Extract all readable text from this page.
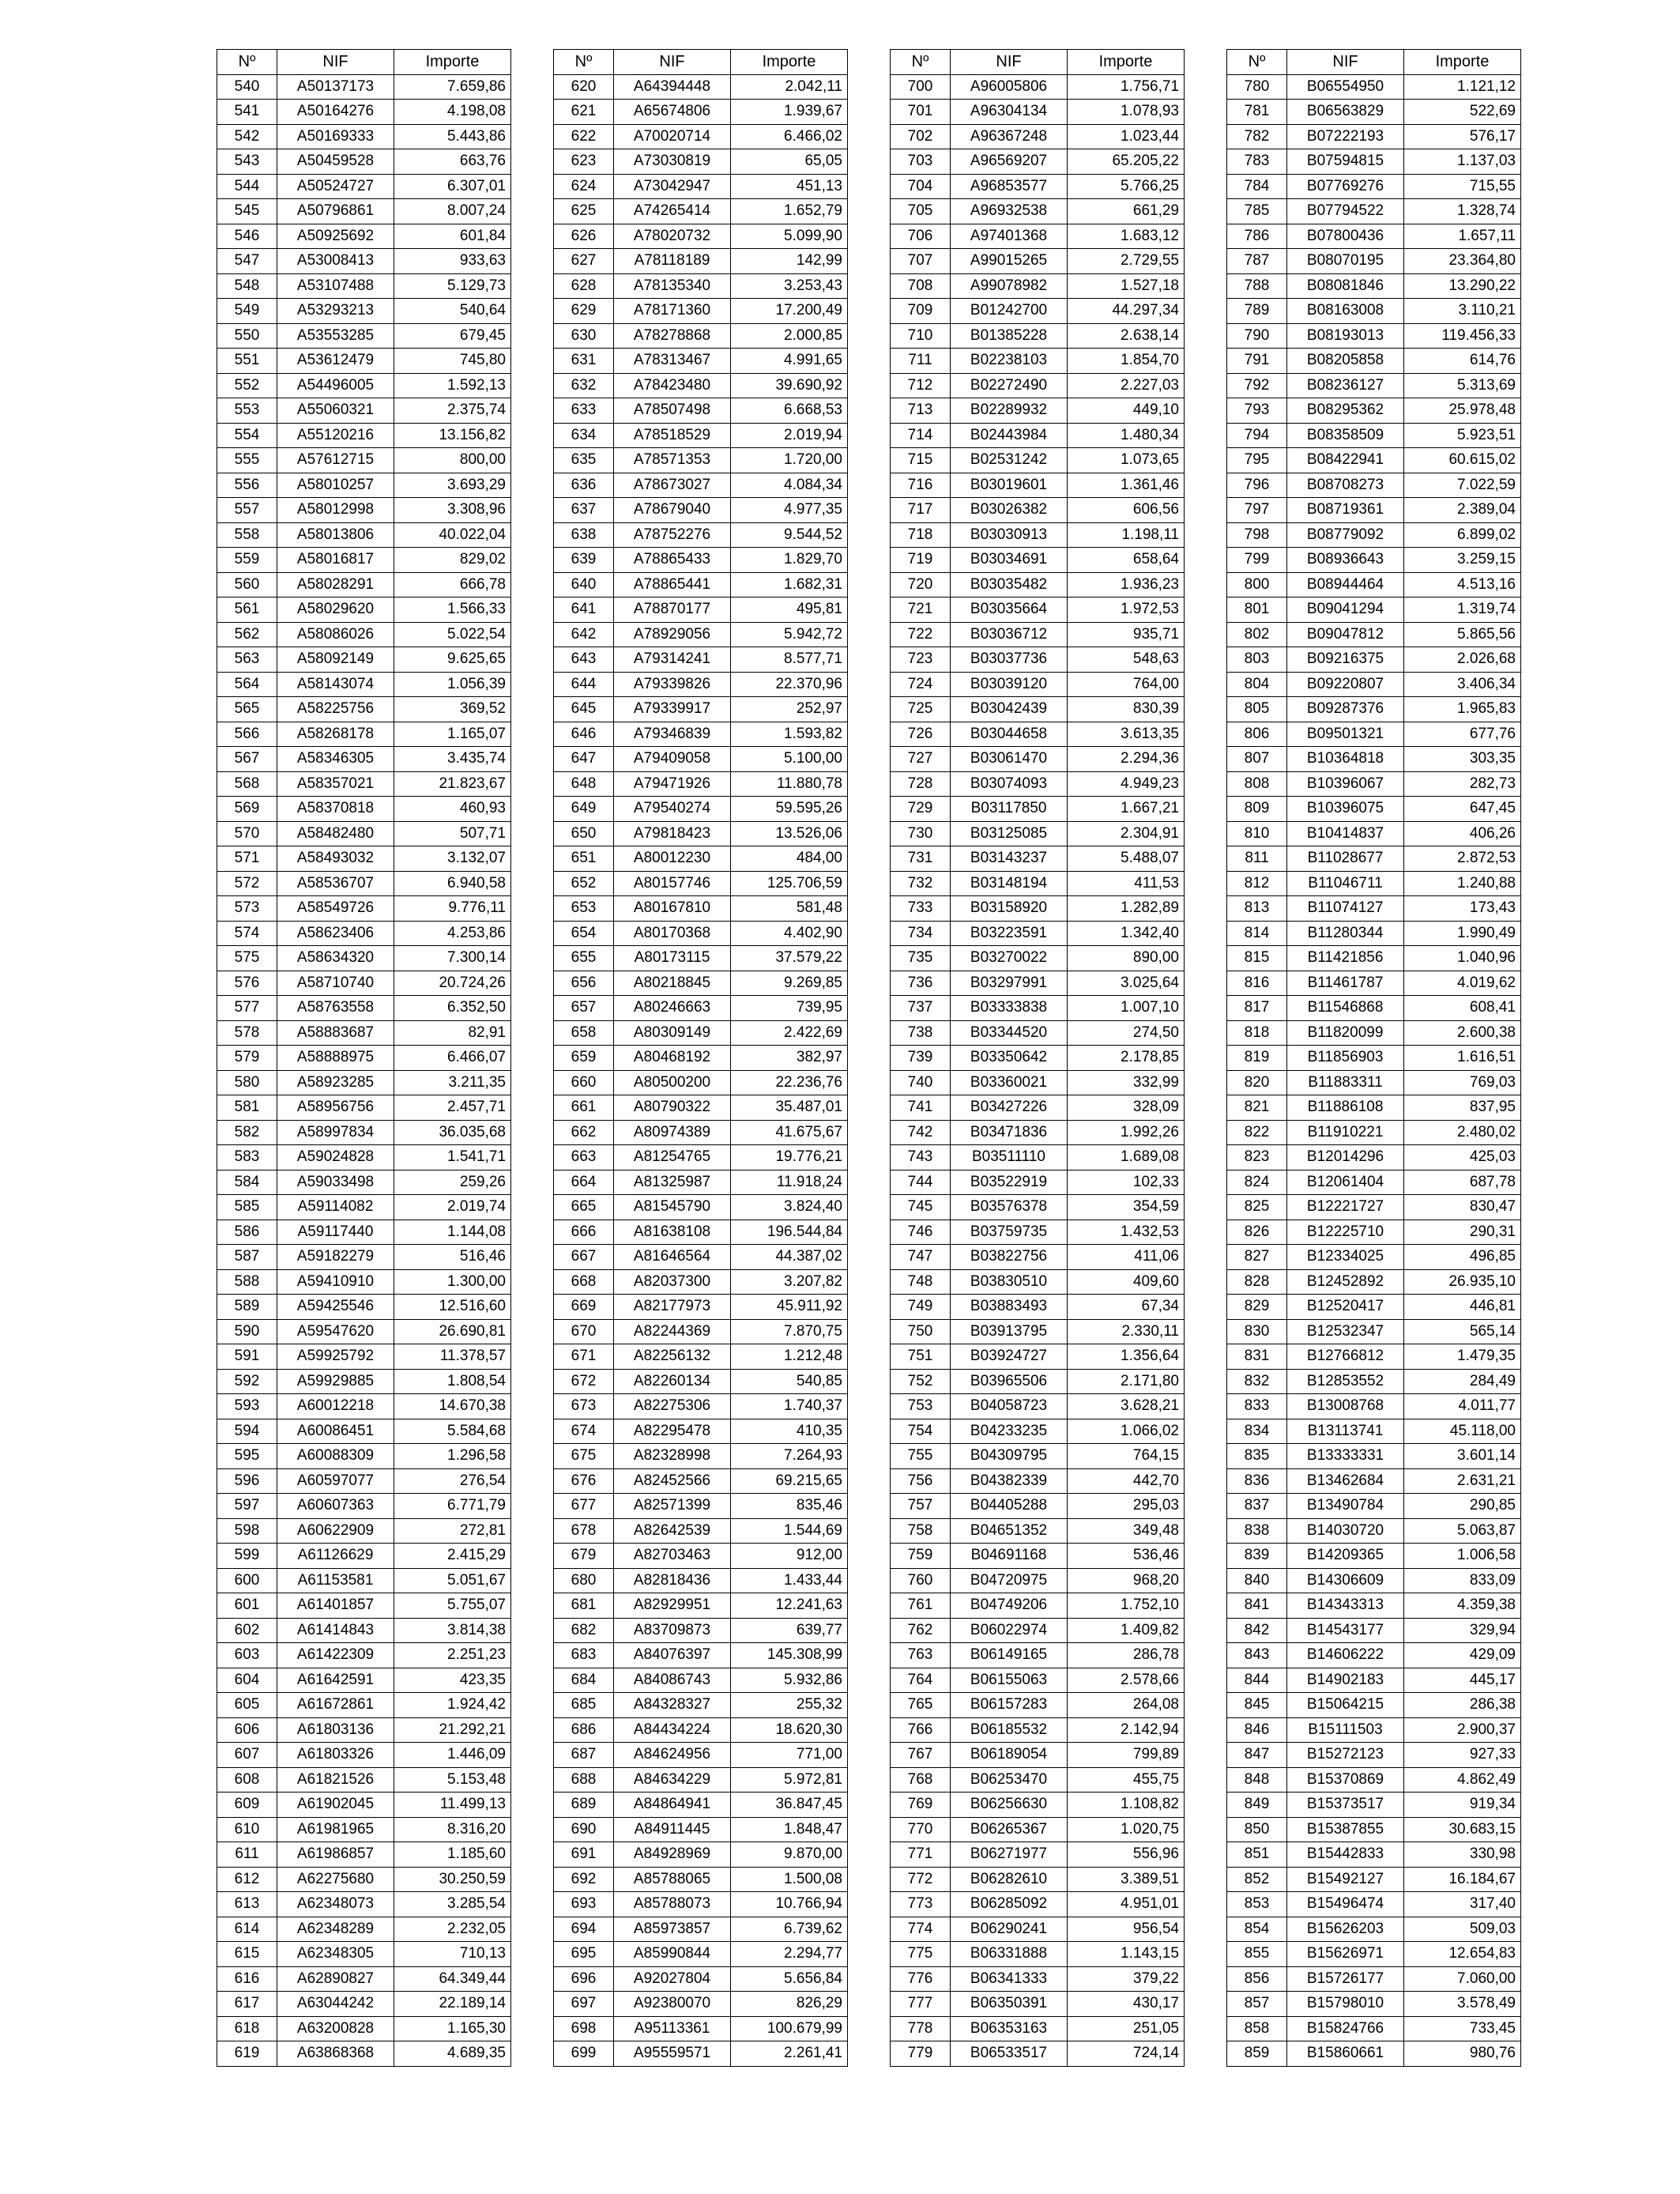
Nº	NIF	Importe
540	A50137173	7.659,86
541	A50164276	4.198,08
542	A50169333	5.443,86
543	A50459528	663,76
544	A50524727	6.307,01
545	A50796861	8.007,24
546	A50925692	601,84
547	A53008413	933,63
548	A53107488	5.129,73
549	A53293213	540,64
550	A53553285	679,45
551	A53612479	745,80
552	A54496005	1.592,13
553	A55060321	2.375,74
554	A55120216	13.156,82
555	A57612715	800,00
556	A58010257	3.693,29
557	A58012998	3.308,96
558	A58013806	40.022,04
559	A58016817	829,02
560	A58028291	666,78
561	A58029620	1.566,33
562	A58086026	5.022,54
563	A58092149	9.625,65
564	A58143074	1.056,39
565	A58225756	369,52
566	A58268178	1.165,07
567	A58346305	3.435,74
568	A58357021	21.823,67
569	A58370818	460,93
570	A58482480	507,71
571	A58493032	3.132,07
572	A58536707	6.940,58
573	A58549726	9.776,11
574	A58623406	4.253,86
575	A58634320	7.300,14
576	A58710740	20.724,26
577	A58763558	6.352,50
578	A58883687	82,91
579	A58888975	6.466,07
580	A58923285	3.211,35
581	A58956756	2.457,71
582	A58997834	36.035,68
583	A59024828	1.541,71
584	A59033498	259,26
585	A59114082	2.019,74
586	A59117440	1.144,08
587	A59182279	516,46
588	A59410910	1.300,00
589	A59425546	12.516,60
590	A59547620	26.690,81
591	A59925792	11.378,57
592	A59929885	1.808,54
593	A60012218	14.670,38
594	A60086451	5.584,68
595	A60088309	1.296,58
596	A60597077	276,54
597	A60607363	6.771,79
598	A60622909	272,81
599	A61126629	2.415,29
600	A61153581	5.051,67
601	A61401857	5.755,07
602	A61414843	3.814,38
603	A61422309	2.251,23
604	A61642591	423,35
605	A61672861	1.924,42
606	A61803136	21.292,21
607	A61803326	1.446,09
608	A61821526	5.153,48
609	A61902045	11.499,13
610	A61981965	8.316,20
611	A61986857	1.185,60
612	A62275680	30.250,59
613	A62348073	3.285,54
614	A62348289	2.232,05
615	A62348305	710,13
616	A62890827	64.349,44
617	A63044242	22.189,14
618	A63200828	1.165,30
619	A63868368	4.689,35
Nº	NIF	Importe
620	A64394448	2.042,11
621	A65674806	1.939,67
622	A70020714	6.466,02
623	A73030819	65,05
624	A73042947	451,13
625	A74265414	1.652,79
626	A78020732	5.099,90
627	A78118189	142,99
628	A78135340	3.253,43
629	A78171360	17.200,49
630	A78278868	2.000,85
631	A78313467	4.991,65
632	A78423480	39.690,92
633	A78507498	6.668,53
634	A78518529	2.019,94
635	A78571353	1.720,00
636	A78673027	4.084,34
637	A78679040	4.977,35
638	A78752276	9.544,52
639	A78865433	1.829,70
640	A78865441	1.682,31
641	A78870177	495,81
642	A78929056	5.942,72
643	A79314241	8.577,71
644	A79339826	22.370,96
645	A79339917	252,97
646	A79346839	1.593,82
647	A79409058	5.100,00
648	A79471926	11.880,78
649	A79540274	59.595,26
650	A79818423	13.526,06
651	A80012230	484,00
652	A80157746	125.706,59
653	A80167810	581,48
654	A80170368	4.402,90
655	A80173115	37.579,22
656	A80218845	9.269,85
657	A80246663	739,95
658	A80309149	2.422,69
659	A80468192	382,97
660	A80500200	22.236,76
661	A80790322	35.487,01
662	A80974389	41.675,67
663	A81254765	19.776,21
664	A81325987	11.918,24
665	A81545790	3.824,40
666	A81638108	196.544,84
667	A81646564	44.387,02
668	A82037300	3.207,82
669	A82177973	45.911,92
670	A82244369	7.870,75
671	A82256132	1.212,48
672	A82260134	540,85
673	A82275306	1.740,37
674	A82295478	410,35
675	A82328998	7.264,93
676	A82452566	69.215,65
677	A82571399	835,46
678	A82642539	1.544,69
679	A82703463	912,00
680	A82818436	1.433,44
681	A82929951	12.241,63
682	A83709873	639,77
683	A84076397	145.308,99
684	A84086743	5.932,86
685	A84328327	255,32
686	A84434224	18.620,30
687	A84624956	771,00
688	A84634229	5.972,81
689	A84864941	36.847,45
690	A84911445	1.848,47
691	A84928969	9.870,00
692	A85788065	1.500,08
693	A85788073	10.766,94
694	A85973857	6.739,62
695	A85990844	2.294,77
696	A92027804	5.656,84
697	A92380070	826,29
698	A95113361	100.679,99
699	A95559571	2.261,41
Nº	NIF	Importe
700	A96005806	1.756,71
701	A96304134	1.078,93
702	A96367248	1.023,44
703	A96569207	65.205,22
704	A96853577	5.766,25
705	A96932538	661,29
706	A97401368	1.683,12
707	A99015265	2.729,55
708	A99078982	1.527,18
709	B01242700	44.297,34
710	B01385228	2.638,14
711	B02238103	1.854,70
712	B02272490	2.227,03
713	B02289932	449,10
714	B02443984	1.480,34
715	B02531242	1.073,65
716	B03019601	1.361,46
717	B03026382	606,56
718	B03030913	1.198,11
719	B03034691	658,64
720	B03035482	1.936,23
721	B03035664	1.972,53
722	B03036712	935,71
723	B03037736	548,63
724	B03039120	764,00
725	B03042439	830,39
726	B03044658	3.613,35
727	B03061470	2.294,36
728	B03074093	4.949,23
729	B03117850	1.667,21
730	B03125085	2.304,91
731	B03143237	5.488,07
732	B03148194	411,53
733	B03158920	1.282,89
734	B03223591	1.342,40
735	B03270022	890,00
736	B03297991	3.025,64
737	B03333838	1.007,10
738	B03344520	274,50
739	B03350642	2.178,85
740	B03360021	332,99
741	B03427226	328,09
742	B03471836	1.992,26
743	B03511110	1.689,08
744	B03522919	102,33
745	B03576378	354,59
746	B03759735	1.432,53
747	B03822756	411,06
748	B03830510	409,60
749	B03883493	67,34
750	B03913795	2.330,11
751	B03924727	1.356,64
752	B03965506	2.171,80
753	B04058723	3.628,21
754	B04233235	1.066,02
755	B04309795	764,15
756	B04382339	442,70
757	B04405288	295,03
758	B04651352	349,48
759	B04691168	536,46
760	B04720975	968,20
761	B04749206	1.752,10
762	B06022974	1.409,82
763	B06149165	286,78
764	B06155063	2.578,66
765	B06157283	264,08
766	B06185532	2.142,94
767	B06189054	799,89
768	B06253470	455,75
769	B06256630	1.108,82
770	B06265367	1.020,75
771	B06271977	556,96
772	B06282610	3.389,51
773	B06285092	4.951,01
774	B06290241	956,54
775	B06331888	1.143,15
776	B06341333	379,22
777	B06350391	430,17
778	B06353163	251,05
779	B06533517	724,14
Nº	NIF	Importe
780	B06554950	1.121,12
781	B06563829	522,69
782	B07222193	576,17
783	B07594815	1.137,03
784	B07769276	715,55
785	B07794522	1.328,74
786	B07800436	1.657,11
787	B08070195	23.364,80
788	B08081846	13.290,22
789	B08163008	3.110,21
790	B08193013	119.456,33
791	B08205858	614,76
792	B08236127	5.313,69
793	B08295362	25.978,48
794	B08358509	5.923,51
795	B08422941	60.615,02
796	B08708273	7.022,59
797	B08719361	2.389,04
798	B08779092	6.899,02
799	B08936643	3.259,15
800	B08944464	4.513,16
801	B09041294	1.319,74
802	B09047812	5.865,56
803	B09216375	2.026,68
804	B09220807	3.406,34
805	B09287376	1.965,83
806	B09501321	677,76
807	B10364818	303,35
808	B10396067	282,73
809	B10396075	647,45
810	B10414837	406,26
811	B11028677	2.872,53
812	B11046711	1.240,88
813	B11074127	173,43
814	B11280344	1.990,49
815	B11421856	1.040,96
816	B11461787	4.019,62
817	B11546868	608,41
818	B11820099	2.600,38
819	B11856903	1.616,51
820	B11883311	769,03
821	B11886108	837,95
822	B11910221	2.480,02
823	B12014296	425,03
824	B12061404	687,78
825	B12221727	830,47
826	B12225710	290,31
827	B12334025	496,85
828	B12452892	26.935,10
829	B12520417	446,81
830	B12532347	565,14
831	B12766812	1.479,35
832	B12853552	284,49
833	B13008768	4.011,77
834	B13113741	45.118,00
835	B13333331	3.601,14
836	B13462684	2.631,21
837	B13490784	290,85
838	B14030720	5.063,87
839	B14209365	1.006,58
840	B14306609	833,09
841	B14343313	4.359,38
842	B14543177	329,94
843	B14606222	429,09
844	B14902183	445,17
845	B15064215	286,38
846	B15111503	2.900,37
847	B15272123	927,33
848	B15370869	4.862,49
849	B15373517	919,34
850	B15387855	30.683,15
851	B15442833	330,98
852	B15492127	16.184,67
853	B15496474	317,40
854	B15626203	509,03
855	B15626971	12.654,83
856	B15726177	7.060,00
857	B15798010	3.578,49
858	B15824766	733,45
859	B15860661	980,76
